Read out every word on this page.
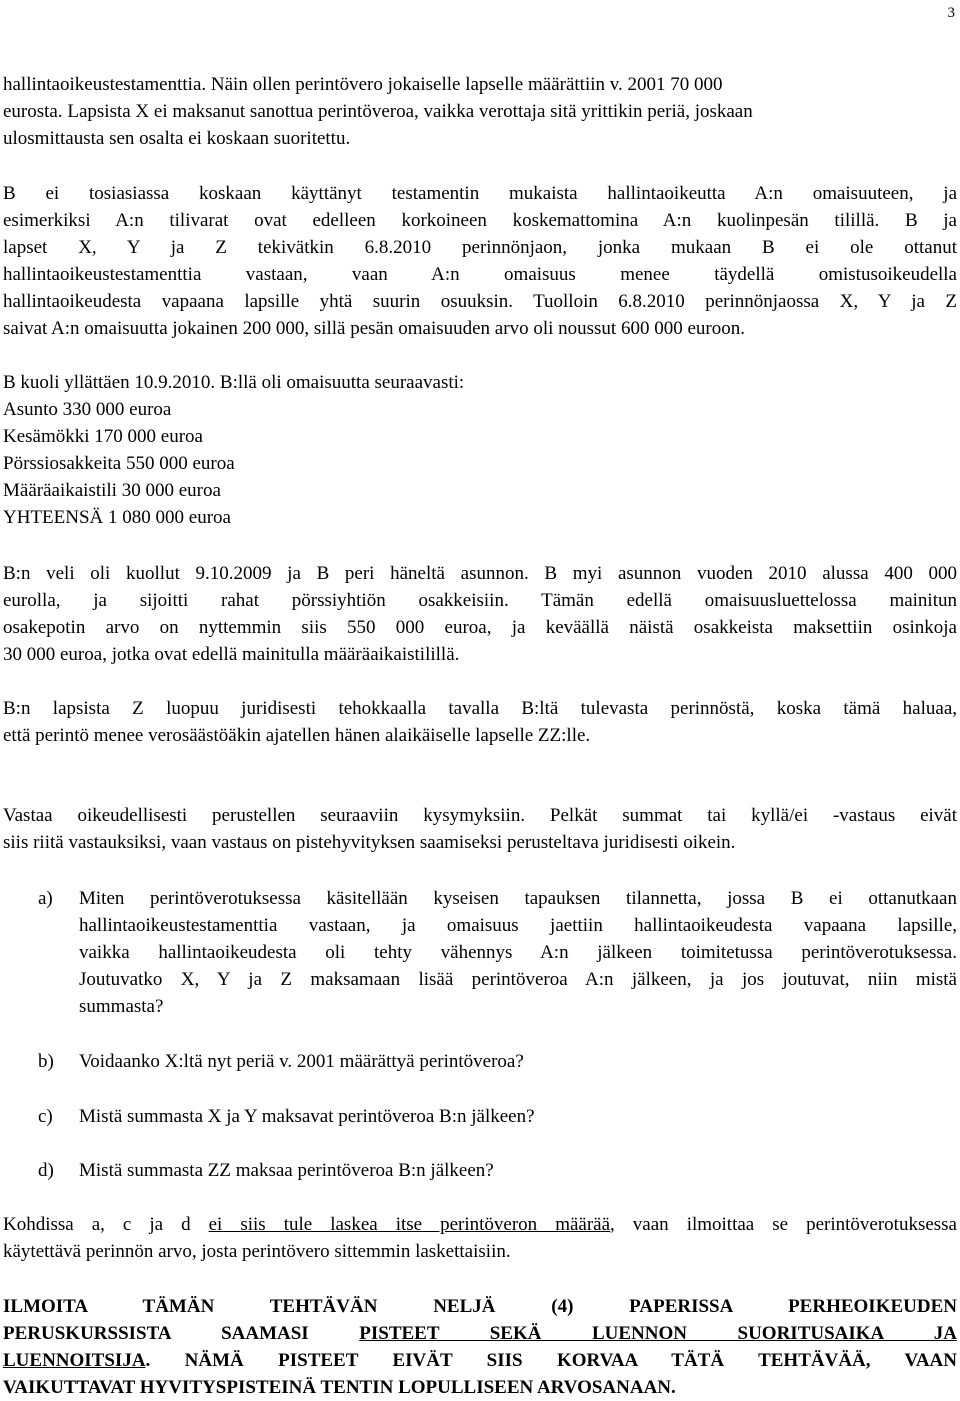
3
hallintaoikeustestamenttia. Näin ollen perintövero jokaiselle lapselle määrättiin v. 2001 70 000
eurosta. Lapsista X ei maksanut sanottua perintöveroa, vaikka verottaja sitä yrittikin periä, joskaan
ulosmittausta sen osalta ei koskaan suoritettu.
B ei tosiasiassa koskaan käyttänyt testamentin mukaista hallintaoikeutta A:n omaisuuteen, ja
esimerkiksi A:n tilivarat ovat edelleen korkoineen koskemattomina A:n kuolinpesän tilillä. B ja
lapset X, Y ja Z tekivätkin 6.8.2010 perinnönjaon, jonka mukaan B ei ole ottanut
hallintaoikeustestamenttia vastaan, vaan A:n omaisuus menee täydellä omistusoikeudella
hallintaoikeudesta vapaana lapsille yhtä suurin osuuksin. Tuolloin 6.8.2010 perinnönjaossa X, Y ja Z
saivat A:n omaisuutta jokainen 200 000, sillä pesän omaisuuden arvo oli noussut 600 000 euroon.
B kuoli yllättäen 10.9.2010. B:llä oli omaisuutta seuraavasti:
Asunto 330 000 euroa
Kesämökki 170 000 euroa
Pörssiosakkeita 550 000 euroa
Määräaikaistili 30 000 euroa
YHTEENSÄ 1 080 000 euroa
B:n veli oli kuollut 9.10.2009 ja B peri häneltä asunnon. B myi asunnon vuoden 2010 alussa 400 000
eurolla, ja sijoitti rahat pörssiyhtiön osakkeisiin. Tämän edellä omaisuusluettelossa mainitun
osakepotin arvo on nyttemmin siis 550 000 euroa, ja keväällä näistä osakkeista maksettiin osinkoja
30 000 euroa, jotka ovat edellä mainitulla määräaikaistilillä.
B:n lapsista Z luopuu juridisesti tehokkaalla tavalla B:ltä tulevasta perinnöstä, koska tämä haluaa,
että perintö menee verosäästöäkin ajatellen hänen alaikäiselle lapselle ZZ:lle.
Vastaa oikeudellisesti perustellen seuraaviin kysymyksiin. Pelkät summat tai kyllä/ei -vastaus eivät
siis riitä vastauksiksi, vaan vastaus on pistehyvityksen saamiseksi perusteltava juridisesti oikein.
a) Miten perintöverotuksessa käsitellään kyseisen tapauksen tilannetta, jossa B ei ottanutkaan
hallintaoikeustestamenttia vastaan, ja omaisuus jaettiin hallintaoikeudesta vapaana lapsille,
vaikka hallintaoikeudesta oli tehty vähennys A:n jälkeen toimitetussa perintöverotuksessa.
Joutuvatko X, Y ja Z maksamaan lisää perintöveroa A:n jälkeen, ja jos joutuvat, niin mistä
summasta?
b) Voidaanko X:ltä nyt periä v. 2001 määrättyä perintöveroa?
c) Mistä summasta X ja Y maksavat perintöveroa B:n jälkeen?
d) Mistä summasta ZZ maksaa perintöveroa B:n jälkeen?
Kohdissa a, c ja d ei siis tule laskea itse perintöveron määrää, vaan ilmoittaa se perintöverotuksessa
käytettävä perinnön arvo, josta perintövero sittemmin laskettaisiin.
ILMOITA TÄMÄN TEHTÄVÄN NELJÄ (4) PAPERISSA PERHEOIKEUDEN
PERUSKURSSISTA SAAMASI PISTEET SEKÄ LUENNON SUORITUSAIKA JA
LUENNOITSIJA. NÄMÄ PISTEET EIVÄT SIIS KORVAA TÄTÄ TEHTÄVÄÄ, VAAN
VAIKUTTAVAT HYVITYSPISTEINÄ TENTIN LOPULLISEEN ARVOSANAAN.
